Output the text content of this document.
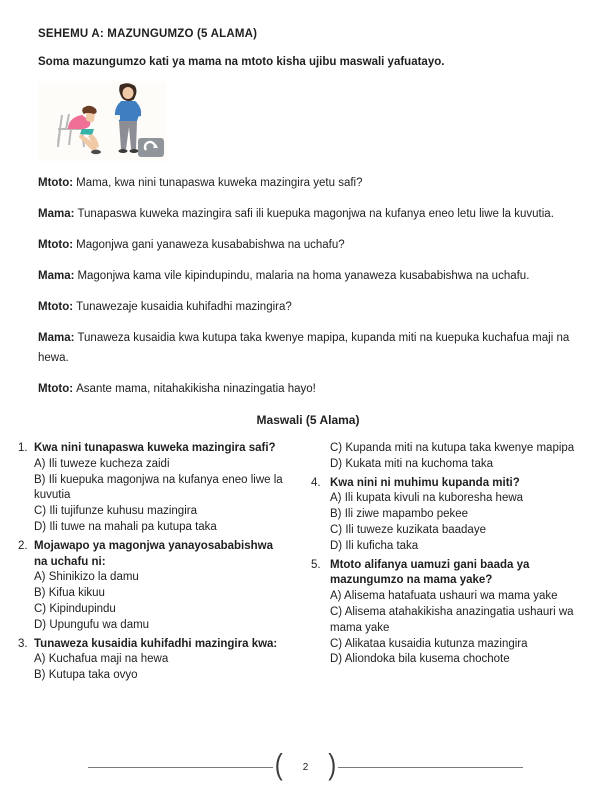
SEHEMU A: MAZUNGUMZO (5 ALAMA)

Soma mazungumzo kati ya mama na mtoto kisha ujibu maswali yafuatayo.

Mtoto: Mama, kwa nini tunapaswa kuweka mazingira yetu safi?

Mama: Tunapaswa kuweka mazingira safi ili kuepuka magonjwa na kufanya eneo letu liwe la kuvutia.

Mtoto: Magonjwa gani yanaweza kusababishwa na uchafu?

Mama: Magonjwa kama vile kipindupindu, malaria na homa yanaweza kusababishwa na uchafu.

Mtoto: Tunawezaje kusaidia kuhifadhi mazingira?

Mama: Tunaweza kusaidia kwa kutupa taka kwenye mapipa, kupanda miti na kuepuka kuchafua maji na hewa.

Mtoto: Asante mama, nitahakikisha ninazingatia hayo!

Maswali (5 Alama)
1. Kwa nini tunapaswa kuweka mazingira safi?
A) Ili tuweze kucheza zaidi
B) Ili kuepuka magonjwa na kufanya eneo liwe la kuvutia
C) Ili tujifunze kuhusu mazingira
D) Ili tuwe na mahali pa kutupa taka
2. Mojawapo ya magonjwa yanayosababishwa na uchafu ni:
A) Shinikizo la damu
B) Kifua kikuu
C) Kipindupindu
D) Upungufu wa damu
3. Tunaweza kusaidia kuhifadhi mazingira kwa:
A) Kuchafua maji na hewa
B) Kutupa taka ovyo
C) Kupanda miti na kutupa taka kwenye mapipa
D) Kukata miti na kuchoma taka
4. Kwa nini ni muhimu kupanda miti?
A) Ili kupata kivuli na kuboresha hewa
B) Ili ziwe mapambo pekee
C) Ili tuweze kuzikata baadaye
D) Ili kuficha taka
5. Mtoto alifanya uamuzi gani baada ya mazungumzo na mama yake?
A) Alisema hatafuata ushauri wa mama yake
C) Alisema atahakikisha anazingatia ushauri wa mama yake
C) Alikataa kusaidia kutunza mazingira
D) Aliondoka bila kusema chochote
(	2 )
